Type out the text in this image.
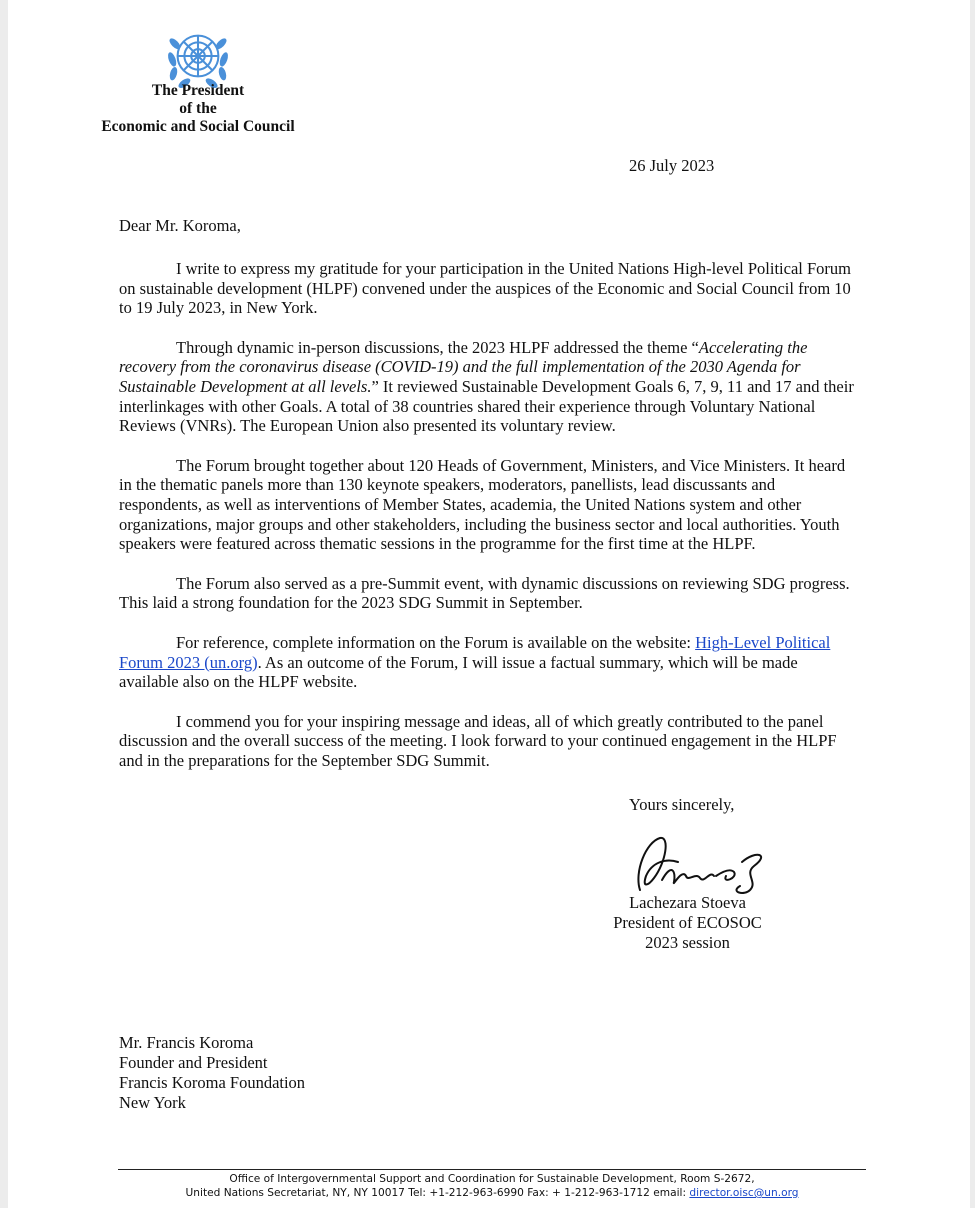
The President
of the
Economic and Social Council
26 July 2023
Dear Mr. Koroma,

I write to express my gratitude for your participation in the United Nations High-level Political Forum on sustainable development (HLPF) convened under the auspices of the Economic and Social Council from 10 to 19 July 2023, in New York.

Through dynamic in-person discussions, the 2023 HLPF addressed the theme “Accelerating the recovery from the coronavirus disease (COVID-19) and the full implementation of the 2030 Agenda for Sustainable Development at all levels.” It reviewed Sustainable Development Goals 6, 7, 9, 11 and 17 and their interlinkages with other Goals. A total of 38 countries shared their experience through Voluntary National Reviews (VNRs). The European Union also presented its voluntary review.

The Forum brought together about 120 Heads of Government, Ministers, and Vice Ministers. It heard in the thematic panels more than 130 keynote speakers, moderators, panellists, lead discussants and respondents, as well as interventions of Member States, academia, the United Nations system and other organizations, major groups and other stakeholders, including the business sector and local authorities. Youth speakers were featured across thematic sessions in the programme for the first time at the HLPF.

The Forum also served as a pre-Summit event, with dynamic discussions on reviewing SDG progress. This laid a strong foundation for the 2023 SDG Summit in September.

For reference, complete information on the Forum is available on the website: High-Level Political Forum 2023 (un.org). As an outcome of the Forum, I will issue a factual summary, which will be made available also on the HLPF website.

I commend you for your inspiring message and ideas, all of which greatly contributed to the panel discussion and the overall success of the meeting. I look forward to your continued engagement in the HLPF and in the preparations for the September SDG Summit.

Yours sincerely,
Lachezara Stoeva
President of ECOSOC
2023 session
Mr. Francis Koroma
Founder and President
Francis Koroma Foundation
New York
Office of Intergovernmental Support and Coordination for Sustainable Development, Room S-2672,
United Nations Secretariat, NY, NY 10017 Tel: +1-212-963-6990 Fax: + 1-212-963-1712 email: director.oisc@un.org
